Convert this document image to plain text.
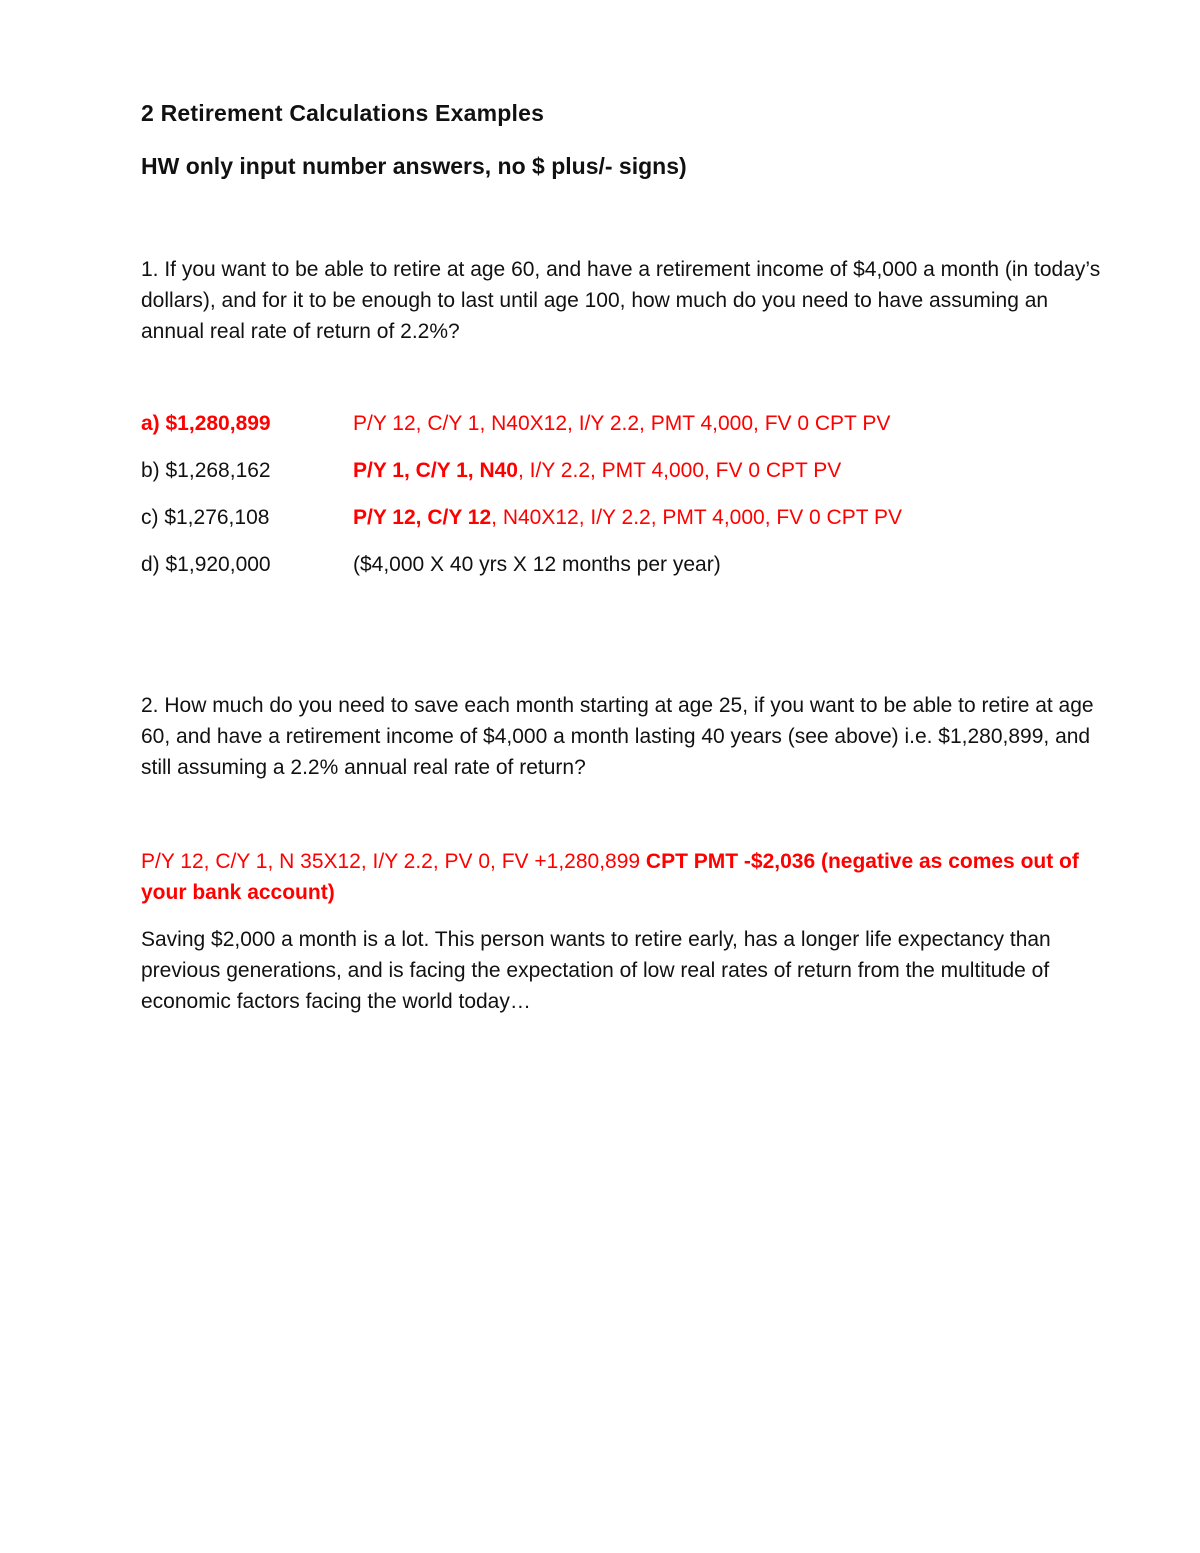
2 Retirement Calculations Examples
HW only input number answers, no $ plus/- signs)
1. If you want to be able to retire at age 60, and have a retirement income of $4,000 a month (in today’s dollars), and for it to be enough to last until age 100, how much do you need to have assuming an annual real rate of return of 2.2%?
a) $1,280,899	P/Y 12, C/Y 1, N40X12, I/Y 2.2, PMT 4,000, FV 0 CPT PV
b) $1,268,162	P/Y 1, C/Y 1, N40, I/Y 2.2, PMT 4,000, FV 0 CPT PV
c) $1,276,108	P/Y 12, C/Y 12, N40X12, I/Y 2.2, PMT 4,000, FV 0 CPT PV
d) $1,920,000	($4,000 X 40 yrs X 12 months per year)
2. How much do you need to save each month starting at age 25, if you want to be able to retire at age 60, and have a retirement income of $4,000 a month lasting 40 years (see above) i.e. $1,280,899, and still assuming a 2.2% annual real rate of return?
P/Y 12, C/Y 1, N 35X12, I/Y 2.2, PV 0, FV +1,280,899 CPT PMT -$2,036 (negative as comes out of your bank account)
Saving $2,000 a month is a lot. This person wants to retire early, has a longer life expectancy than previous generations, and is facing the expectation of low real rates of return from the multitude of economic factors facing the world today…
